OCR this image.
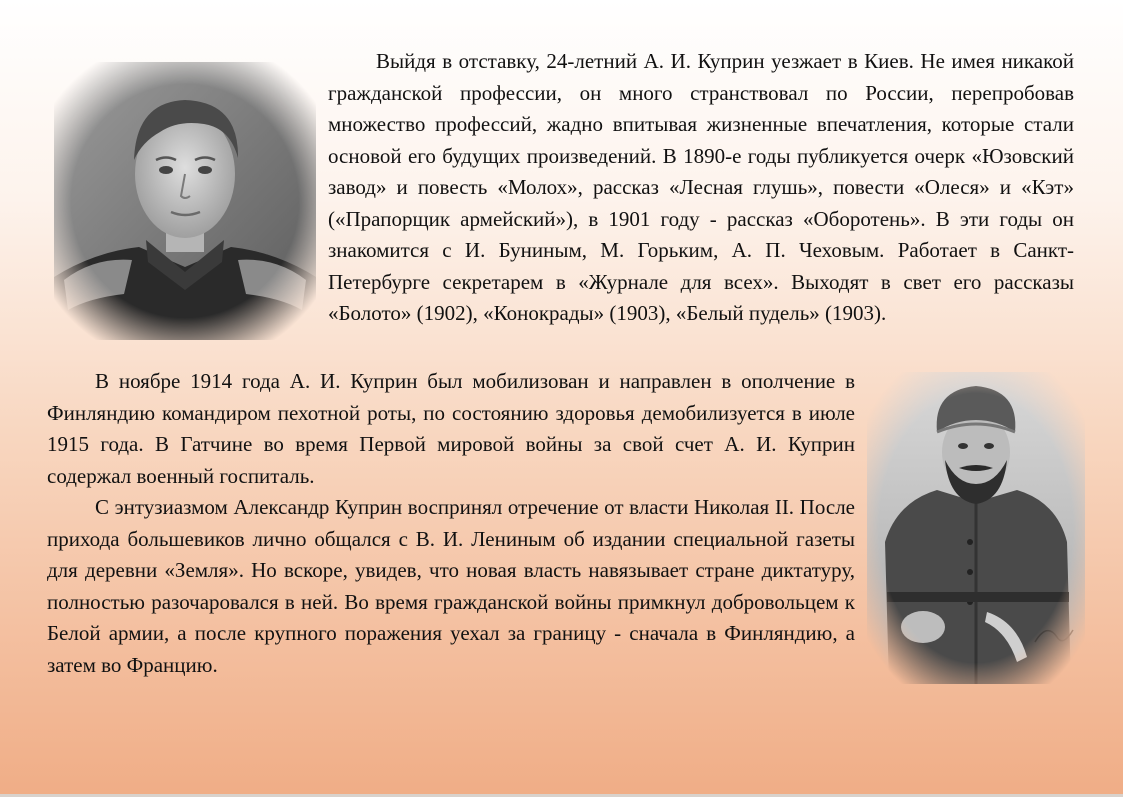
Выйдя в отставку, 24-летний А. И. Куприн уезжает в Киев. Не имея никакой гражданской профессии, он много странствовал по России, перепробовав множество профессий, жадно впитывая жизненные впечатления, которые стали основой его будущих произведений. В 1890-е годы публикуется очерк «Юзовский завод» и повесть «Молох», рассказ «Лесная глушь», повести «Олеся» и «Кэт» («Прапорщик армейский»), в 1901 году - рассказ «Оборотень». В эти годы он знакомится с И. Буниным, М. Горьким, А. П. Чеховым. Работает в Санкт-Петербурге секретарем в «Журнале для всех». Выходят в свет его рассказы «Болото» (1902), «Конокрады» (1903), «Белый пудель» (1903).

В ноябре 1914 года А. И. Куприн был мобилизован и направлен в ополчение в Финляндию командиром пехотной роты, по состоянию здоровья демобилизуется в июле 1915 года. В Гатчине во время Первой мировой войны за свой счет А. И. Куприн содержал военный госпиталь.

С энтузиазмом Александр Куприн воспринял отречение от власти Николая II. После прихода большевиков лично общался с В. И. Лениным об издании специальной газеты для деревни «Земля». Но вскоре, увидев, что новая власть навязывает стране диктатуру, полностью разочаровался в ней. Во время гражданской войны примкнул добровольцем к Белой армии, а после крупного поражения уехал за границу - сначала в Финляндию, а затем во Францию.
